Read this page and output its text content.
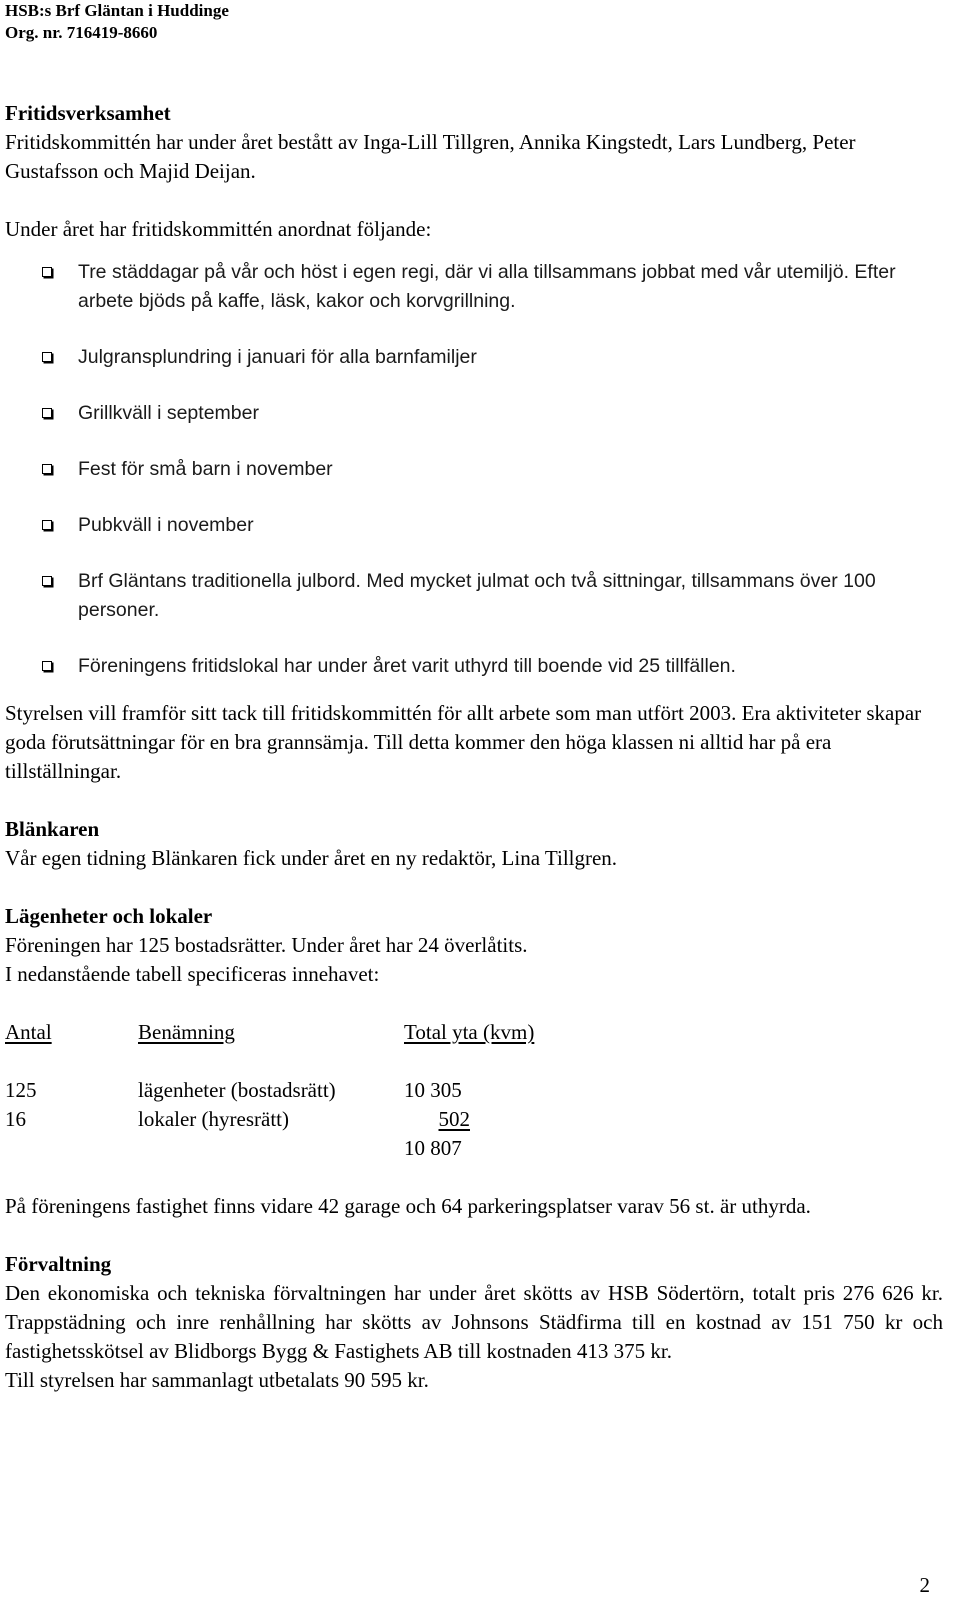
HSB:s Brf Gläntan i Huddinge
Org. nr. 716419-8660

Fritidsverksamhet

Fritidskommittén har under året bestått av Inga-Lill Tillgren, Annika Kingstedt, Lars Lundberg, Peter Gustafsson och Majid Deijan.

Under året har fritidskommittén anordnat följande:

Tre städdagar på vår och höst i egen regi, där vi alla tillsammans jobbat med vår utemiljö. Efter arbete bjöds på kaffe, läsk, kakor och korvgrillning.
Julgransplundring i januari för alla barnfamiljer
Grillkväll i september
Fest för små barn i november
Pubkväll i november
Brf Gläntans traditionella julbord. Med mycket julmat och två sittningar, tillsammans över 100 personer.
Föreningens fritidslokal har under året varit uthyrd till boende vid 25 tillfällen.

Styrelsen vill framför sitt tack till fritidskommittén för allt arbete som man utfört 2003. Era aktiviteter skapar goda förutsättningar för en bra grannsämja. Till detta kommer den höga klassen ni alltid har på era tillställningar.

Blänkaren

Vår egen tidning Blänkaren fick under året en ny redaktör, Lina Tillgren.

Lägenheter och lokaler

Föreningen har 125 bostadsrätter. Under året har 24 överlåtits.

I nedanstående tabell specificeras innehavet:

Antal	Benämning	Total yta (kvm)

125	lägenheter (bostadsrätt)	10 305
16	lokaler (hyresrätt)	502
		10 807

På föreningens fastighet finns vidare 42 garage och 64 parkeringsplatser varav 56 st. är uthyrda.

Förvaltning

Den ekonomiska och tekniska förvaltningen har under året skötts av HSB Södertörn, totalt pris 276 626 kr. Trappstädning och inre renhållning har skötts av Johnsons Städfirma till en kostnad av 151 750 kr och fastighetsskötsel av Blidborgs Bygg & Fastighets AB till kostnaden 413 375 kr.

Till styrelsen har sammanlagt utbetalats 90 595 kr.

2
